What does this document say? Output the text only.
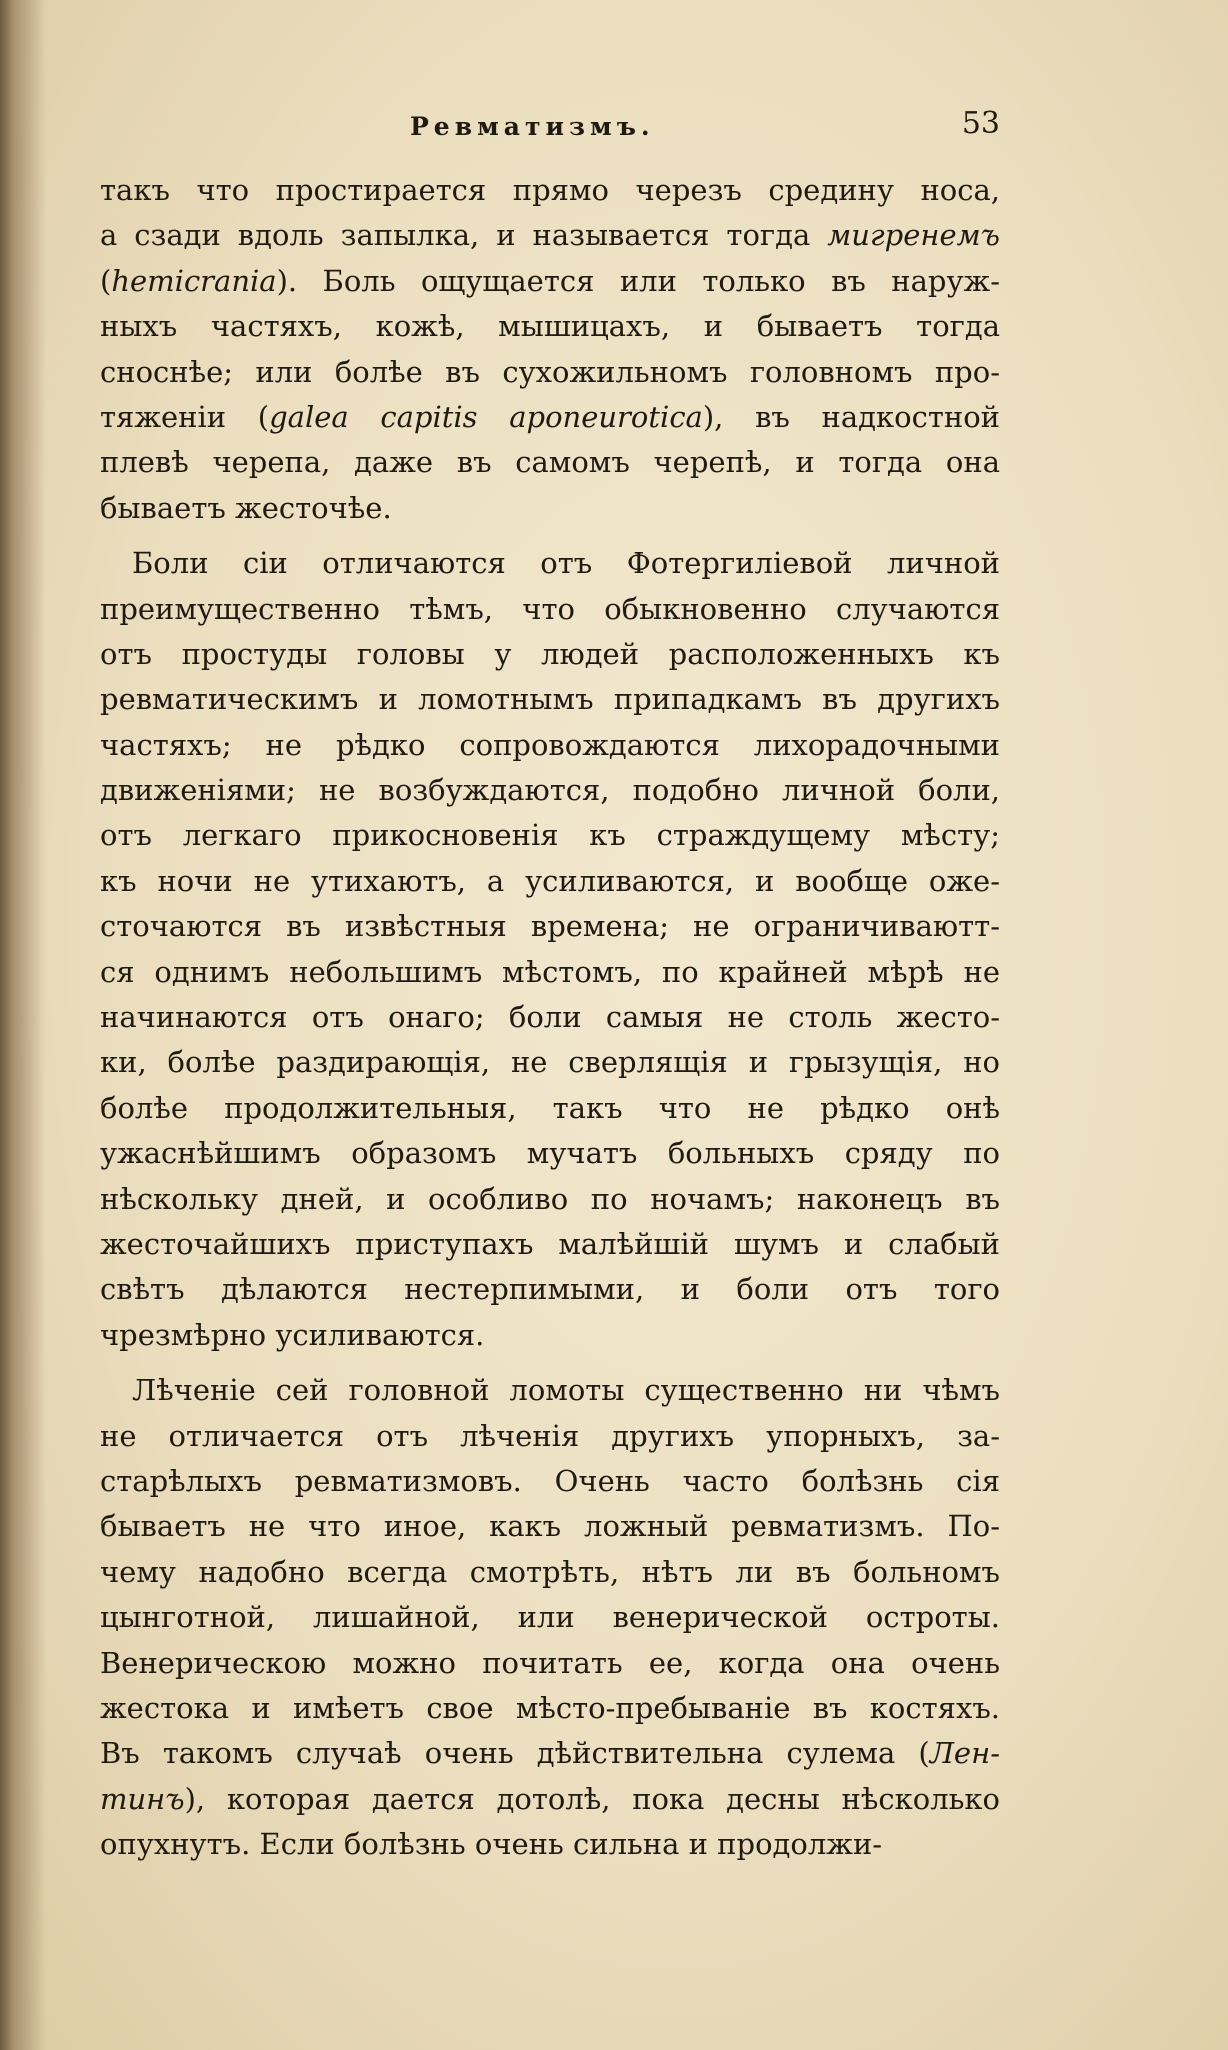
Ревматизмъ.	53
такъ что простирается прямо черезъ средину носа,
а сзади вдоль запылка, и называется тогда мигренемъ
(hemicrania). Боль ощущается или только въ наруж-
ныхъ частяхъ, кожѣ, мышицахъ, и бываетъ тогда
снoснѣе; или болѣе въ сухожильномъ головномъ про-
тяженіи (galea capitis aponeurotica), въ надкостной
плевѣ черепа, даже въ самомъ черепѣ, и тогда она
бываетъ жесточѣе.
Боли сіи отличаются отъ Фотергиліевой личной
преимущественно тѣмъ, что обыкновенно случаются
отъ простуды головы у людей расположенныхъ къ
ревматическимъ и ломотнымъ припадкамъ въ другихъ
частяхъ; не рѣдко сопровождаются лихорадочными
движеніями; не возбуждаются, подобно личной боли,
отъ легкаго прикосновенія къ страждущему мѣсту;
къ ночи не утихаютъ, а усиливаются, и вообще оже-
сточаются въ извѣстныя времена; не ограничиваютт-
ся однимъ небольшимъ мѣстомъ, по крайней мѣрѣ не
начинаются отъ онаго; боли самыя не столь жесто-
ки, болѣе раздирающія, не сверлящія и грызущія, но
болѣе продолжительныя, такъ что не рѣдко онѣ
ужаснѣйшимъ образомъ мучатъ больныхъ сряду по
нѣскольку дней, и особливо по ночамъ; наконецъ въ
жесточайшихъ приступахъ малѣйшій шумъ и слабый
свѣтъ дѣлаются нестерпимыми, и боли отъ того
чрезмѣрно усиливаются.
Лѣченіе сей головной ломоты существенно ни чѣмъ
не отличается отъ лѣченія другихъ упорныхъ, за-
старѣлыхъ ревматизмовъ. Очень часто болѣзнь сія
бываетъ не что иное, какъ ложный ревматизмъ. По-
чему надобно всегда смотрѣть, нѣтъ ли въ больномъ
цынготной, лишайной, или венерической остроты.
Венерическою можно почитать ее, когда она очень
жестока и имѣетъ свое мѣсто-пребываніе въ костяхъ.
Въ такомъ случаѣ очень дѣйствительна сулема (Лен-
тинъ), которая дается дотолѣ, пока десны нѣсколько
опухнутъ. Если болѣзнь очень сильна и продолжи-
